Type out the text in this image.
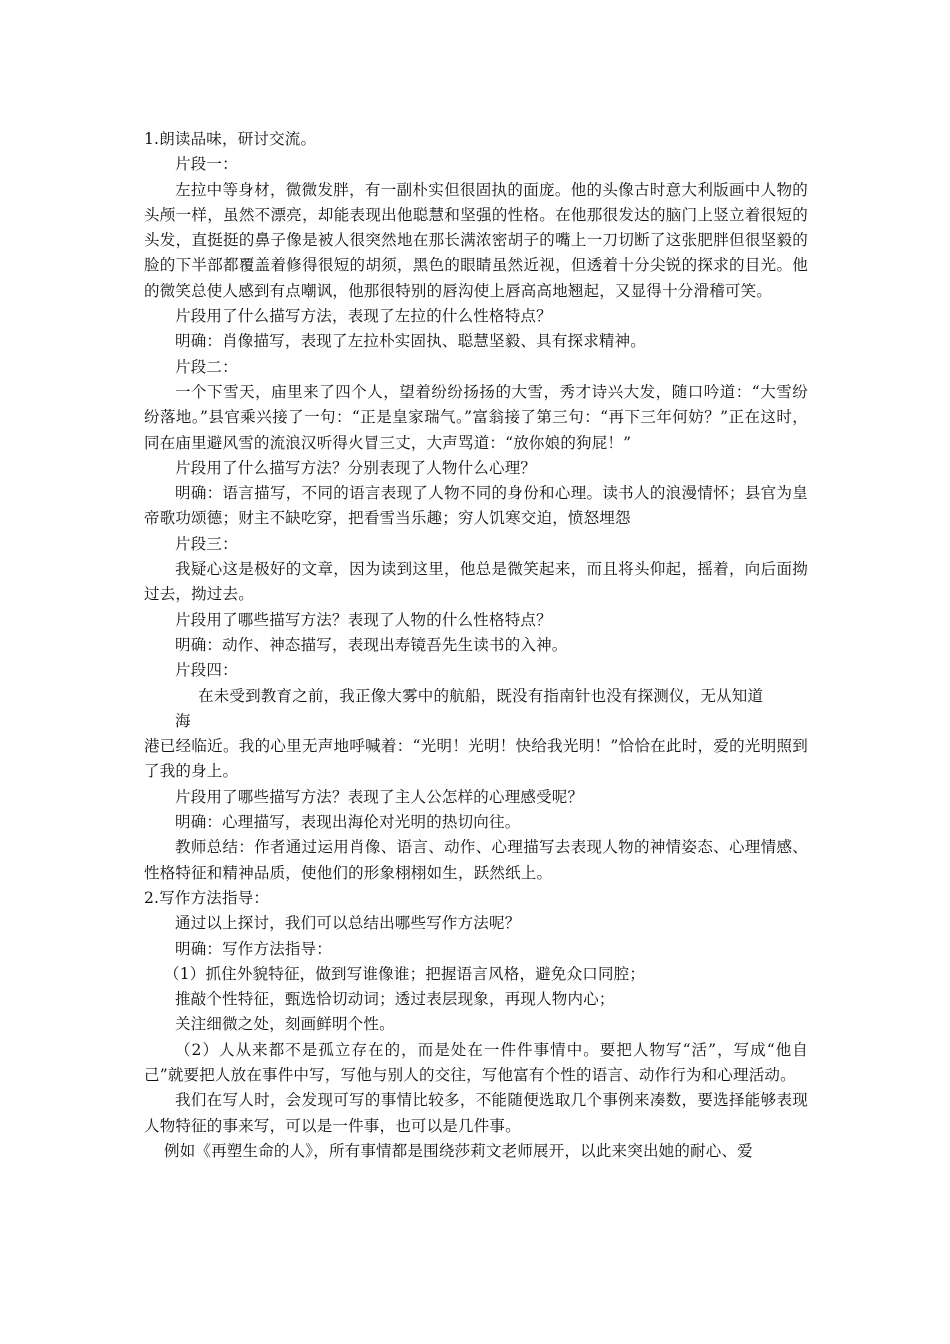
1.朗读品味，研讨交流。

片段一：

左拉中等身材，微微发胖，有一副朴实但很固执的面庞。他的头像古时意大利版画中人物的头颅一样，虽然不漂亮，却能表现出他聪慧和坚强的性格。在他那很发达的脑门上竖立着很短的头发，直挺挺的鼻子像是被人很突然地在那长满浓密胡子的嘴上一刀切断了这张肥胖但很坚毅的脸的下半部都覆盖着修得很短的胡须，黑色的眼睛虽然近视，但透着十分尖锐的探求的目光。他的微笑总使人感到有点嘲讽，他那很特别的唇沟使上唇高高地翘起，又显得十分滑稽可笑。

片段用了什么描写方法，表现了左拉的什么性格特点？

明确：肖像描写，表现了左拉朴实固执、聪慧坚毅、具有探求精神。

片段二：

一个下雪天，庙里来了四个人，望着纷纷扬扬的大雪，秀才诗兴大发，随口吟道：“大雪纷纷落地。”县官乘兴接了一句：“正是皇家瑞气。”富翁接了第三句：“再下三年何妨？”正在这时，同在庙里避风雪的流浪汉听得火冒三丈，大声骂道：“放你娘的狗屁！”

片段用了什么描写方法？分别表现了人物什么心理？

明确：语言描写，不同的语言表现了人物不同的身份和心理。读书人的浪漫情怀；县官为皇帝歌功颂德；财主不缺吃穿，把看雪当乐趣；穷人饥寒交迫，愤怒埋怨

片段三：

我疑心这是极好的文章，因为读到这里，他总是微笑起来，而且将头仰起，摇着，向后面拗过去，拗过去。

片段用了哪些描写方法？表现了人物的什么性格特点？

明确：动作、神态描写，表现出寿镜吾先生读书的入神。

片段四：

在未受到教育之前，我正像大雾中的航船，既没有指南针也没有探测仪，无从知道

海

港已经临近。我的心里无声地呼喊着：“光明！光明！快给我光明！”恰恰在此时，爱的光明照到了我的身上。

片段用了哪些描写方法？表现了主人公怎样的心理感受呢？

明确：心理描写，表现出海伦对光明的热切向往。

教师总结：作者通过运用肖像、语言、动作、心理描写去表现人物的神情姿态、心理情感、性格特征和精神品质，使他们的形象栩栩如生，跃然纸上。

2.写作方法指导：

通过以上探讨，我们可以总结出哪些写作方法呢？

明确：写作方法指导：

（1）抓住外貌特征，做到写谁像谁；把握语言风格，避免众口同腔；

推敲个性特征，甄选恰切动词；透过表层现象，再现人物内心；

关注细微之处，刻画鲜明个性。

（2）人从来都不是孤立存在的，而是处在一件件事情中。要把人物写“活”，写成“他自己”就要把人放在事件中写，写他与别人的交往，写他富有个性的语言、动作行为和心理活动。

我们在写人时，会发现可写的事情比较多，不能随便选取几个事例来凑数，要选择能够表现人物特征的事来写，可以是一件事，也可以是几件事。

例如《再塑生命的人》，所有事情都是围绕莎莉文老师展开，以此来突出她的耐心、爱
